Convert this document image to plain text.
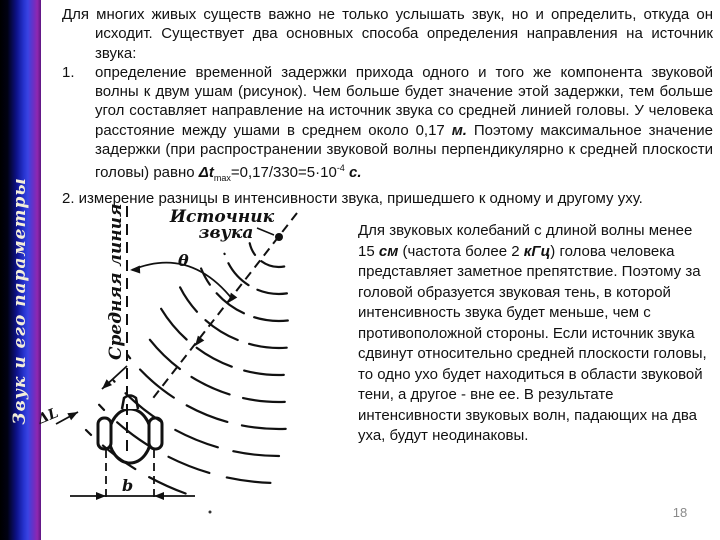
Звук и его параметры

Для многих живых существ важно не только услышать звук, но и определить, откуда он исходит. Существует два основных способа определения направления на источник звука:

1. определение временной задержки прихода одного и того же компонента звуковой волны к двум ушам (рисунок). Чем больше будет значение этой задержки, тем больше угол составляет направление на источник звука со средней линией головы. У человека расстояние между ушами в среднем около 0,17 м. Поэтому максимальное значение задержки (при распространении звуковой волны перпендикулярно к средней плоскости головы) равно $\Delta t_{max}=0,17/330=5\cdot 10^{-4}$ с.

2. измерение разницы в интенсивности звука, пришедшего к одному и другому уху.

Для звуковых колебаний с длиной волны менее 15 см (частота более 2 кГц) голова человека представляет заметное препятствие. Поэтому за головой образуется звуковая тень, в которой интенсивность звука будет меньше, чем с противоположной стороны. Если источник звука сдвинут относительно средней плоскости головы, то одно ухо будет находиться в области звуковой тени, а другое - вне ее. В результате интенсивности звуковых волн, падающих на два уха, будут неодинаковы.
Источник
звука
Средняя линия	θ
ΔL
b
18
